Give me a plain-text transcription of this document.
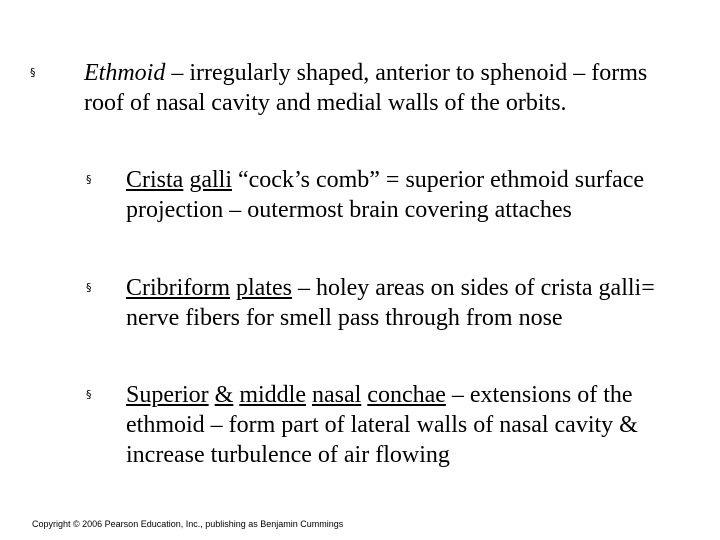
§	Ethmoid – irregularly shaped, anterior to sphenoid – forms roof of nasal cavity and medial walls of the orbits.
§	Crista galli “cock’s comb” = superior ethmoid surface projection – outermost brain covering attaches
§	Cribriform plates – holey areas on sides of crista galli= nerve fibers for smell pass through from nose
§	Superior & middle nasal conchae – extensions of the ethmoid – form part of lateral walls of nasal cavity & increase turbulence of air flowing
Copyright © 2006 Pearson Education, Inc., publishing as Benjamin Cummings
